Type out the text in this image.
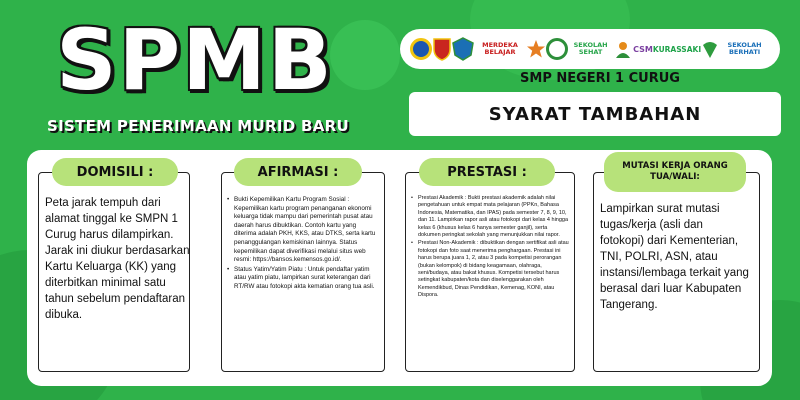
SPMB
SISTEM PENERIMAAN MURID BARU
MERDEKA BELAJAR
SEKOLAH SEHAT	CSM KURASSAKI	SEKOLAH BERHATI
SMP NEGERI 1 CURUG
SYARAT TAMBAHAN
DOMISILI :	AFIRMASI :	PRESTASI :	MUTASI KERJA ORANG TUA/WALI:
Peta jarak tempuh dari alamat tinggal ke SMPN 1 Curug harus dilampirkan. Jarak ini diukur berdasarkan Kartu Keluarga (KK) yang diterbitkan minimal satu tahun sebelum pendaftaran dibuka.
• Bukti Kepemilikan Kartu Program Sosial : Kepemilikan kartu program penanganan ekonomi keluarga tidak mampu dari pemerintah pusat atau daerah harus dibuktikan. Contoh kartu yang diterima adalah PKH, KKS, atau DTKS, serta kartu penanggulangan kemiskinan lainnya. Status kepemilikan dapat diverifikasi melalui situs web resmi: https://bansos.kemensos.go.id/.
• Status Yatim/Yatim Piatu : Untuk pendaftar yatim atau yatim piatu, lampirkan surat keterangan dari RT/RW atau fotokopi akta kematian orang tua asli.
• Prestasi Akademik : Bukti prestasi akademik adalah nilai pengetahuan untuk empat mata pelajaran (PPKn, Bahasa Indonesia, Matematika, dan IPAS) pada semester 7, 8, 9, 10, dan 11. Lampirkan rapor asli atau fotokopi dari kelas 4 hingga kelas 6 (khusus kelas 6 hanya semester ganjil), serta dokumen peringkat sekolah yang menunjukkan nilai rapor.
• Prestasi Non-Akademik : dibuktikan dengan sertifikat asli atau fotokopi dan foto saat menerima penghargaan. Prestasi ini harus berupa juara 1, 2, atau 3 pada kompetisi perorangan (bukan kelompok) di bidang keagamaan, olahraga, seni/budaya, atau bakat khusus. Kompetisi tersebut harus setingkat kabupaten/kota dan diselenggarakan oleh Kemendikbud, Dinas Pendidikan, Kemenag, KONI, atau Dispora.
Lampirkan surat mutasi tugas/kerja (asli dan fotokopi) dari Kementerian, TNI, POLRI, ASN, atau instansi/lembaga terkait yang berasal dari luar Kabupaten Tangerang.
